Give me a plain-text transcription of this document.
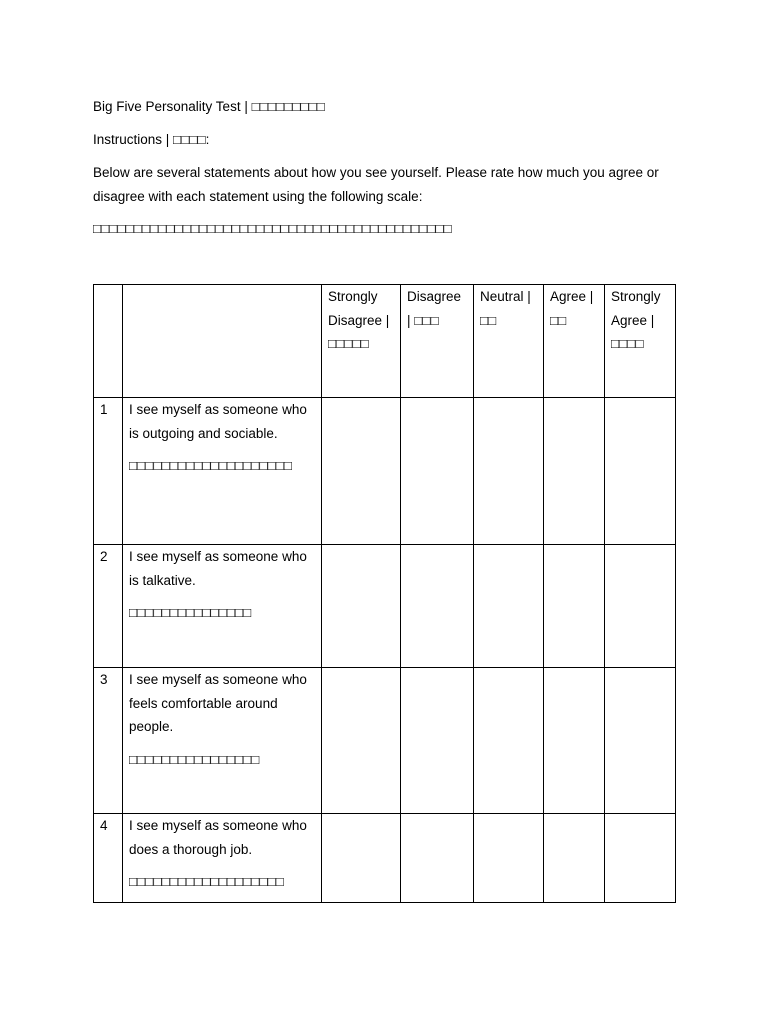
Big Five Personality Test | □□□□□□□□□

Instructions | □□□□:

Below are several statements about how you see yourself. Please rate how much you agree or disagree with each statement using the following scale:

□□□□□□□□□□□□□□□□□□□□□□□□□□□□□□□□□□□□□□□□□□□□

		Strongly Disagree | □□□□□	Disagree | □□□	Neutral | □□	Agree | □□	Strongly Agree | □□□□

1	I see myself as someone who is outgoing and sociable.
□□□□□□□□□□□□□□□□□□□□					

2	I see myself as someone who is talkative.
□□□□□□□□□□□□□□□					

3	I see myself as someone who feels comfortable around people.
□□□□□□□□□□□□□□□□					

4	I see myself as someone who does a thorough job.
□□□□□□□□□□□□□□□□□□□					
